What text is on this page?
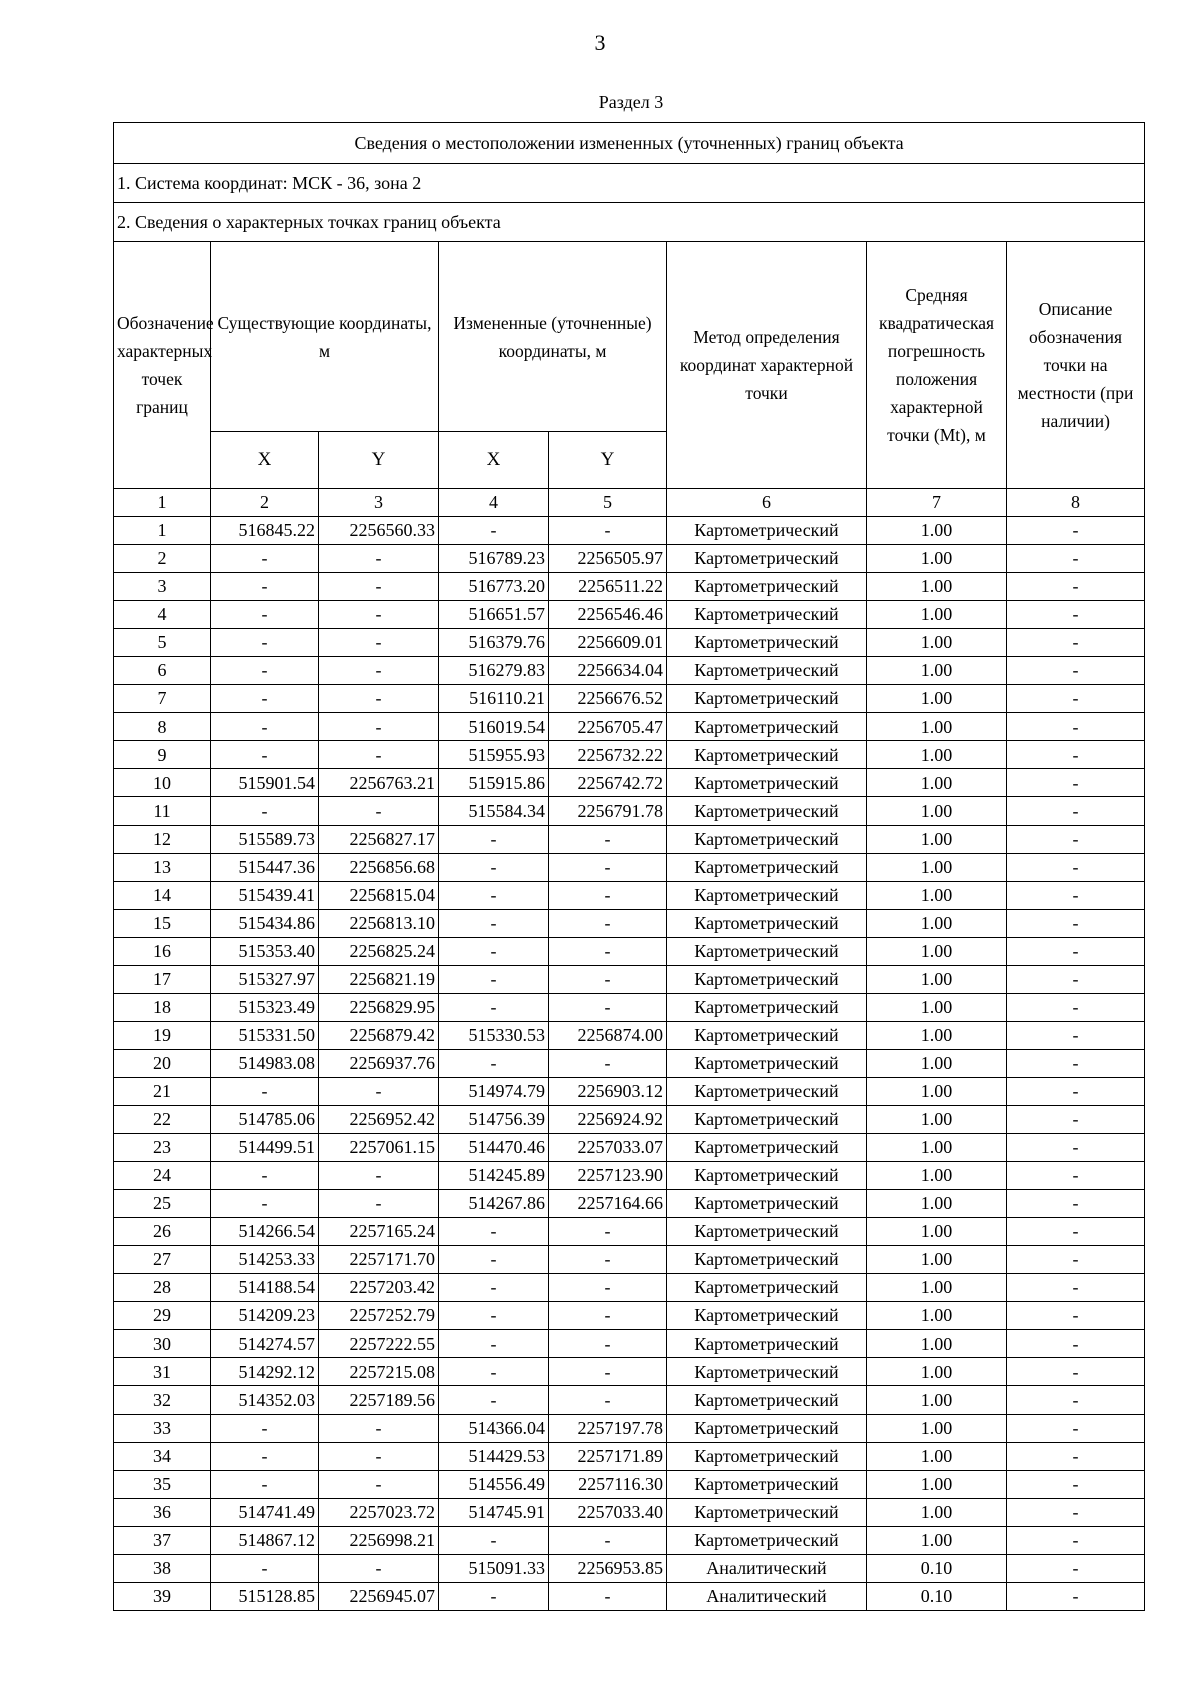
3
Раздел 3
Сведения о местоположении измененных (уточненных) границ объекта							
1. Система координат: МСК - 36, зона 2							
2. Сведения о характерных точках границ объекта							
Обозначение характерных точек границ	Существующие координаты, м		Измененные (уточненные) координаты, м		Метод определения координат характерной точки	Средняя квадратическая погрешность положения характерной точки (Mt), м	Описание обозначения точки на местности (при наличии)
	X	Y	X	Y			
1	2	3	4	5	6	7	8
1	516845.22	2256560.33	-	-	Картометрический	1.00	-
2	-	-	516789.23	2256505.97	Картометрический	1.00	-
3	-	-	516773.20	2256511.22	Картометрический	1.00	-
4	-	-	516651.57	2256546.46	Картометрический	1.00	-
5	-	-	516379.76	2256609.01	Картометрический	1.00	-
6	-	-	516279.83	2256634.04	Картометрический	1.00	-
7	-	-	516110.21	2256676.52	Картометрический	1.00	-
8	-	-	516019.54	2256705.47	Картометрический	1.00	-
9	-	-	515955.93	2256732.22	Картометрический	1.00	-
10	515901.54	2256763.21	515915.86	2256742.72	Картометрический	1.00	-
11	-	-	515584.34	2256791.78	Картометрический	1.00	-
12	515589.73	2256827.17	-	-	Картометрический	1.00	-
13	515447.36	2256856.68	-	-	Картометрический	1.00	-
14	515439.41	2256815.04	-	-	Картометрический	1.00	-
15	515434.86	2256813.10	-	-	Картометрический	1.00	-
16	515353.40	2256825.24	-	-	Картометрический	1.00	-
17	515327.97	2256821.19	-	-	Картометрический	1.00	-
18	515323.49	2256829.95	-	-	Картометрический	1.00	-
19	515331.50	2256879.42	515330.53	2256874.00	Картометрический	1.00	-
20	514983.08	2256937.76	-	-	Картометрический	1.00	-
21	-	-	514974.79	2256903.12	Картометрический	1.00	-
22	514785.06	2256952.42	514756.39	2256924.92	Картометрический	1.00	-
23	514499.51	2257061.15	514470.46	2257033.07	Картометрический	1.00	-
24	-	-	514245.89	2257123.90	Картометрический	1.00	-
25	-	-	514267.86	2257164.66	Картометрический	1.00	-
26	514266.54	2257165.24	-	-	Картометрический	1.00	-
27	514253.33	2257171.70	-	-	Картометрический	1.00	-
28	514188.54	2257203.42	-	-	Картометрический	1.00	-
29	514209.23	2257252.79	-	-	Картометрический	1.00	-
30	514274.57	2257222.55	-	-	Картометрический	1.00	-
31	514292.12	2257215.08	-	-	Картометрический	1.00	-
32	514352.03	2257189.56	-	-	Картометрический	1.00	-
33	-	-	514366.04	2257197.78	Картометрический	1.00	-
34	-	-	514429.53	2257171.89	Картометрический	1.00	-
35	-	-	514556.49	2257116.30	Картометрический	1.00	-
36	514741.49	2257023.72	514745.91	2257033.40	Картометрический	1.00	-
37	514867.12	2256998.21	-	-	Картометрический	1.00	-
38	-	-	515091.33	2256953.85	Аналитический	0.10	-
39	515128.85	2256945.07	-	-	Аналитический	0.10	-
